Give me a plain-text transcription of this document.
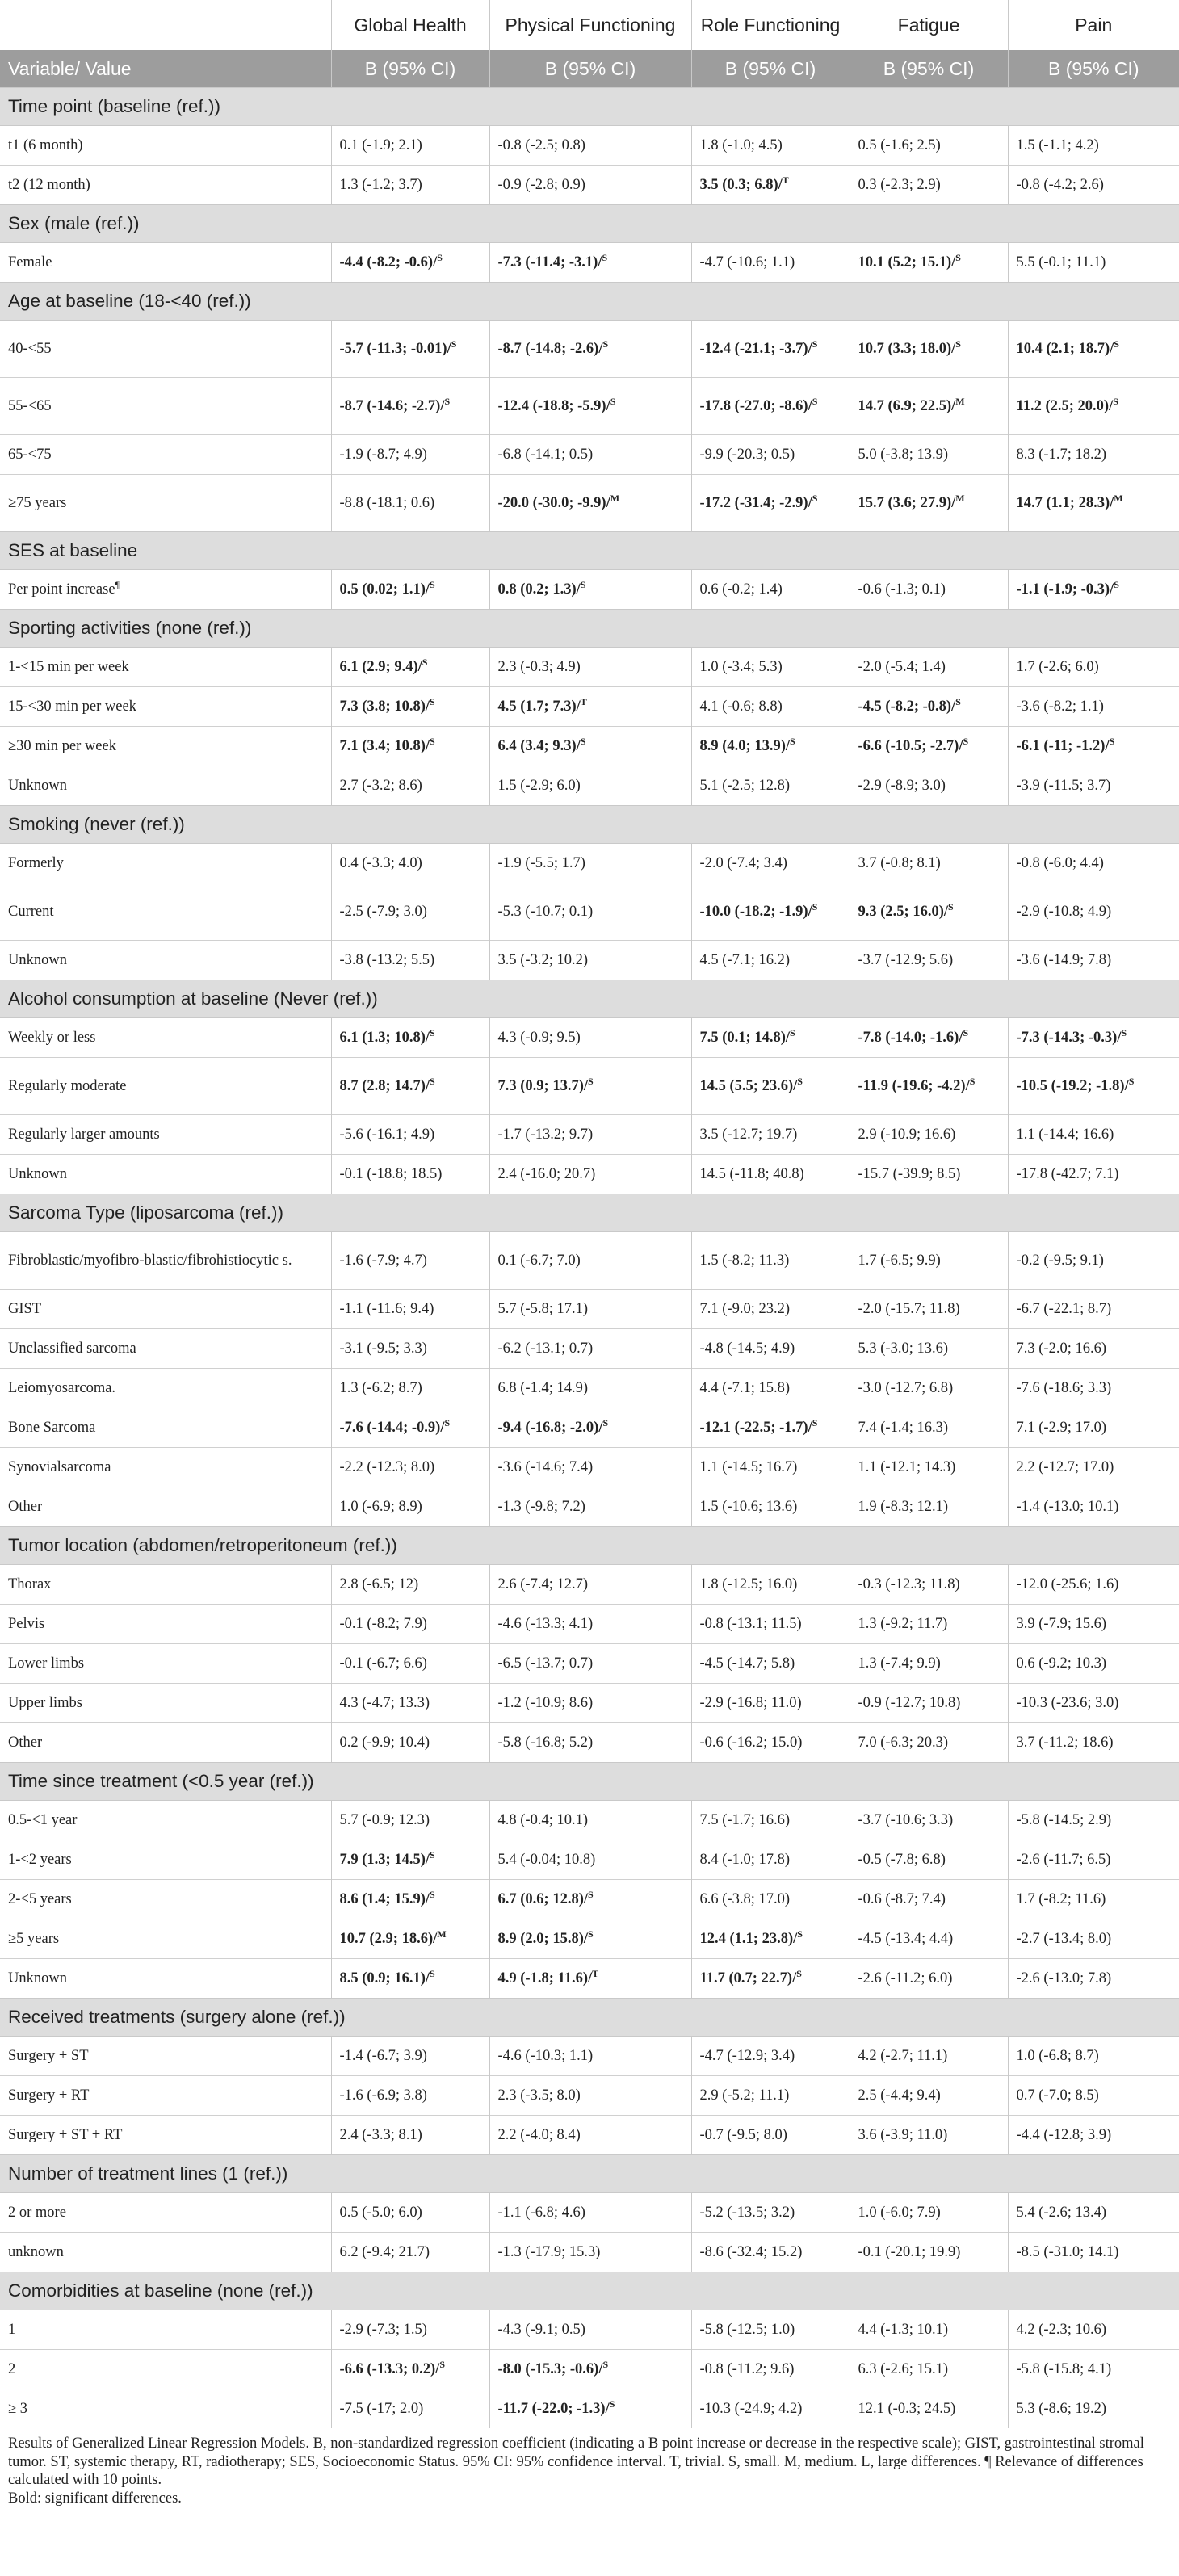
	Global Health	Physical Functioning	Role Functioning	Fatigue	Pain
Variable/ Value	B (95% CI)	B (95% CI)	B (95% CI)	B (95% CI)	B (95% CI)
Time point (baseline (ref.))					
t1 (6 month)	0.1 (-1.9; 2.1)	-0.8 (-2.5; 0.8)	1.8 (-1.0; 4.5)	0.5 (-1.6; 2.5)	1.5 (-1.1; 4.2)
t2 (12 month)	1.3 (-1.2; 3.7)	-0.9 (-2.8; 0.9)	3.5 (0.3; 6.8)/$^T$	0.3 (-2.3; 2.9)	-0.8 (-4.2; 2.6)
Sex (male (ref.))					
Female	-4.4 (-8.2; -0.6)/$^S$	-7.3 (-11.4; -3.1)/$^S$	-4.7 (-10.6; 1.1)	10.1 (5.2; 15.1)/$^S$	5.5 (-0.1; 11.1)
Age at baseline (18-<40 (ref.))					
40-<55	-5.7 (-11.3; -0.01)/$^S$	-8.7 (-14.8; -2.6)/$^S$	-12.4 (-21.1; -3.7)/$^S$	10.7 (3.3; 18.0)/$^S$	10.4 (2.1; 18.7)/$^S$
55-<65	-8.7 (-14.6; -2.7)/$^S$	-12.4 (-18.8; -5.9)/$^S$	-17.8 (-27.0; -8.6)/$^S$	14.7 (6.9; 22.5)/$^M$	11.2 (2.5; 20.0)/$^S$
65-<75	-1.9 (-8.7; 4.9)	-6.8 (-14.1; 0.5)	-9.9 (-20.3; 0.5)	5.0 (-3.8; 13.9)	8.3 (-1.7; 18.2)
≥75 years	-8.8 (-18.1; 0.6)	-20.0 (-30.0; -9.9)/$^M$	-17.2 (-31.4; -2.9)/$^S$	15.7 (3.6; 27.9)/$^M$	14.7 (1.1; 28.3)/$^M$
SES at baseline					
Per point increase¶	0.5 (0.02; 1.1)/$^S$	0.8 (0.2; 1.3)/$^S$	0.6 (-0.2; 1.4)	-0.6 (-1.3; 0.1)	-1.1 (-1.9; -0.3)/$^S$
Sporting activities (none (ref.))					
1-<15 min per week	6.1 (2.9; 9.4)/$^S$	2.3 (-0.3; 4.9)	1.0 (-3.4; 5.3)	-2.0 (-5.4; 1.4)	1.7 (-2.6; 6.0)
15-<30 min per week	7.3 (3.8; 10.8)/$^S$	4.5 (1.7; 7.3)/$^T$	4.1 (-0.6; 8.8)	-4.5 (-8.2; -0.8)/$^S$	-3.6 (-8.2; 1.1)
≥30 min per week	7.1 (3.4; 10.8)/$^S$	6.4 (3.4; 9.3)/$^S$	8.9 (4.0; 13.9)/$^S$	-6.6 (-10.5; -2.7)/$^S$	-6.1 (-11; -1.2)/$^S$
Unknown	2.7 (-3.2; 8.6)	1.5 (-2.9; 6.0)	5.1 (-2.5; 12.8)	-2.9 (-8.9; 3.0)	-3.9 (-11.5; 3.7)
Smoking (never (ref.))					
Formerly	0.4 (-3.3; 4.0)	-1.9 (-5.5; 1.7)	-2.0 (-7.4; 3.4)	3.7 (-0.8; 8.1)	-0.8 (-6.0; 4.4)
Current	-2.5 (-7.9; 3.0)	-5.3 (-10.7; 0.1)	-10.0 (-18.2; -1.9)/$^S$	9.3 (2.5; 16.0)/$^S$	-2.9 (-10.8; 4.9)
Unknown	-3.8 (-13.2; 5.5)	3.5 (-3.2; 10.2)	4.5 (-7.1; 16.2)	-3.7 (-12.9; 5.6)	-3.6 (-14.9; 7.8)
Alcohol consumption at baseline (Never (ref.))					
Weekly or less	6.1 (1.3; 10.8)/$^S$	4.3 (-0.9; 9.5)	7.5 (0.1; 14.8)/$^S$	-7.8 (-14.0; -1.6)/$^S$	-7.3 (-14.3; -0.3)/$^S$
Regularly moderate	8.7 (2.8; 14.7)/$^S$	7.3 (0.9; 13.7)/$^S$	14.5 (5.5; 23.6)/$^S$	-11.9 (-19.6; -4.2)/$^S$	-10.5 (-19.2; -1.8)/$^S$
Regularly larger amounts	-5.6 (-16.1; 4.9)	-1.7 (-13.2; 9.7)	3.5 (-12.7; 19.7)	2.9 (-10.9; 16.6)	1.1 (-14.4; 16.6)
Unknown	-0.1 (-18.8; 18.5)	2.4 (-16.0; 20.7)	14.5 (-11.8; 40.8)	-15.7 (-39.9; 8.5)	-17.8 (-42.7; 7.1)
Sarcoma Type (liposarcoma (ref.))					
Fibroblastic/myofibro-blastic/fibrohistiocytic s.	-1.6 (-7.9; 4.7)	0.1 (-6.7; 7.0)	1.5 (-8.2; 11.3)	1.7 (-6.5; 9.9)	-0.2 (-9.5; 9.1)
GIST	-1.1 (-11.6; 9.4)	5.7 (-5.8; 17.1)	7.1 (-9.0; 23.2)	-2.0 (-15.7; 11.8)	-6.7 (-22.1; 8.7)
Unclassified sarcoma	-3.1 (-9.5; 3.3)	-6.2 (-13.1; 0.7)	-4.8 (-14.5; 4.9)	5.3 (-3.0; 13.6)	7.3 (-2.0; 16.6)
Leiomyosarcoma.	1.3 (-6.2; 8.7)	6.8 (-1.4; 14.9)	4.4 (-7.1; 15.8)	-3.0 (-12.7; 6.8)	-7.6 (-18.6; 3.3)
Bone Sarcoma	-7.6 (-14.4; -0.9)/$^S$	-9.4 (-16.8; -2.0)/$^S$	-12.1 (-22.5; -1.7)/$^S$	7.4 (-1.4; 16.3)	7.1 (-2.9; 17.0)
Synovialsarcoma	-2.2 (-12.3; 8.0)	-3.6 (-14.6; 7.4)	1.1 (-14.5; 16.7)	1.1 (-12.1; 14.3)	2.2 (-12.7; 17.0)
Other	1.0 (-6.9; 8.9)	-1.3 (-9.8; 7.2)	1.5 (-10.6; 13.6)	1.9 (-8.3; 12.1)	-1.4 (-13.0; 10.1)
Tumor location (abdomen/retroperitoneum (ref.))					
Thorax	2.8 (-6.5; 12)	2.6 (-7.4; 12.7)	1.8 (-12.5; 16.0)	-0.3 (-12.3; 11.8)	-12.0 (-25.6; 1.6)
Pelvis	-0.1 (-8.2; 7.9)	-4.6 (-13.3; 4.1)	-0.8 (-13.1; 11.5)	1.3 (-9.2; 11.7)	3.9 (-7.9; 15.6)
Lower limbs	-0.1 (-6.7; 6.6)	-6.5 (-13.7; 0.7)	-4.5 (-14.7; 5.8)	1.3 (-7.4; 9.9)	0.6 (-9.2; 10.3)
Upper limbs	4.3 (-4.7; 13.3)	-1.2 (-10.9; 8.6)	-2.9 (-16.8; 11.0)	-0.9 (-12.7; 10.8)	-10.3 (-23.6; 3.0)
Other	0.2 (-9.9; 10.4)	-5.8 (-16.8; 5.2)	-0.6 (-16.2; 15.0)	7.0 (-6.3; 20.3)	3.7 (-11.2; 18.6)
Time since treatment (<0.5 year (ref.))					
0.5-<1 year	5.7 (-0.9; 12.3)	4.8 (-0.4; 10.1)	7.5 (-1.7; 16.6)	-3.7 (-10.6; 3.3)	-5.8 (-14.5; 2.9)
1-<2 years	7.9 (1.3; 14.5)/$^S$	5.4 (-0.04; 10.8)	8.4 (-1.0; 17.8)	-0.5 (-7.8; 6.8)	-2.6 (-11.7; 6.5)
2-<5 years	8.6 (1.4; 15.9)/$^S$	6.7 (0.6; 12.8)/$^S$	6.6 (-3.8; 17.0)	-0.6 (-8.7; 7.4)	1.7 (-8.2; 11.6)
≥5 years	10.7 (2.9; 18.6)/$^M$	8.9 (2.0; 15.8)/$^S$	12.4 (1.1; 23.8)/$^S$	-4.5 (-13.4; 4.4)	-2.7 (-13.4; 8.0)
Unknown	8.5 (0.9; 16.1)/$^S$	4.9 (-1.8; 11.6)/$^T$	11.7 (0.7; 22.7)/$^S$	-2.6 (-11.2; 6.0)	-2.6 (-13.0; 7.8)
Received treatments (surgery alone (ref.))					
Surgery + ST	-1.4 (-6.7; 3.9)	-4.6 (-10.3; 1.1)	-4.7 (-12.9; 3.4)	4.2 (-2.7; 11.1)	1.0 (-6.8; 8.7)
Surgery + RT	-1.6 (-6.9; 3.8)	2.3 (-3.5; 8.0)	2.9 (-5.2; 11.1)	2.5 (-4.4; 9.4)	0.7 (-7.0; 8.5)
Surgery + ST + RT	2.4 (-3.3; 8.1)	2.2 (-4.0; 8.4)	-0.7 (-9.5; 8.0)	3.6 (-3.9; 11.0)	-4.4 (-12.8; 3.9)
Number of treatment lines (1 (ref.))					
2 or more	0.5 (-5.0; 6.0)	-1.1 (-6.8; 4.6)	-5.2 (-13.5; 3.2)	1.0 (-6.0; 7.9)	5.4 (-2.6; 13.4)
unknown	6.2 (-9.4; 21.7)	-1.3 (-17.9; 15.3)	-8.6 (-32.4; 15.2)	-0.1 (-20.1; 19.9)	-8.5 (-31.0; 14.1)
Comorbidities at baseline (none (ref.))					
1	-2.9 (-7.3; 1.5)	-4.3 (-9.1; 0.5)	-5.8 (-12.5; 1.0)	4.4 (-1.3; 10.1)	4.2 (-2.3; 10.6)
2	-6.6 (-13.3; 0.2)/$^S$	-8.0 (-15.3; -0.6)/$^S$	-0.8 (-11.2; 9.6)	6.3 (-2.6; 15.1)	-5.8 (-15.8; 4.1)
≥ 3	-7.5 (-17; 2.0)	-11.7 (-22.0; -1.3)/$^S$	-10.3 (-24.9; 4.2)	12.1 (-0.3; 24.5)	5.3 (-8.6; 19.2)

Results of Generalized Linear Regression Models. B, non-standardized regression coefficient (indicating a B point increase or decrease in the respective scale); GIST, gastrointestinal stromal tumor. ST, systemic therapy, RT, radiotherapy; SES, Socioeconomic Status. 95% CI: 95% confidence interval. T, trivial. S, small. M, medium. L, large differences. ¶ Relevance of differences calculated with 10 points.

Bold: significant differences.
